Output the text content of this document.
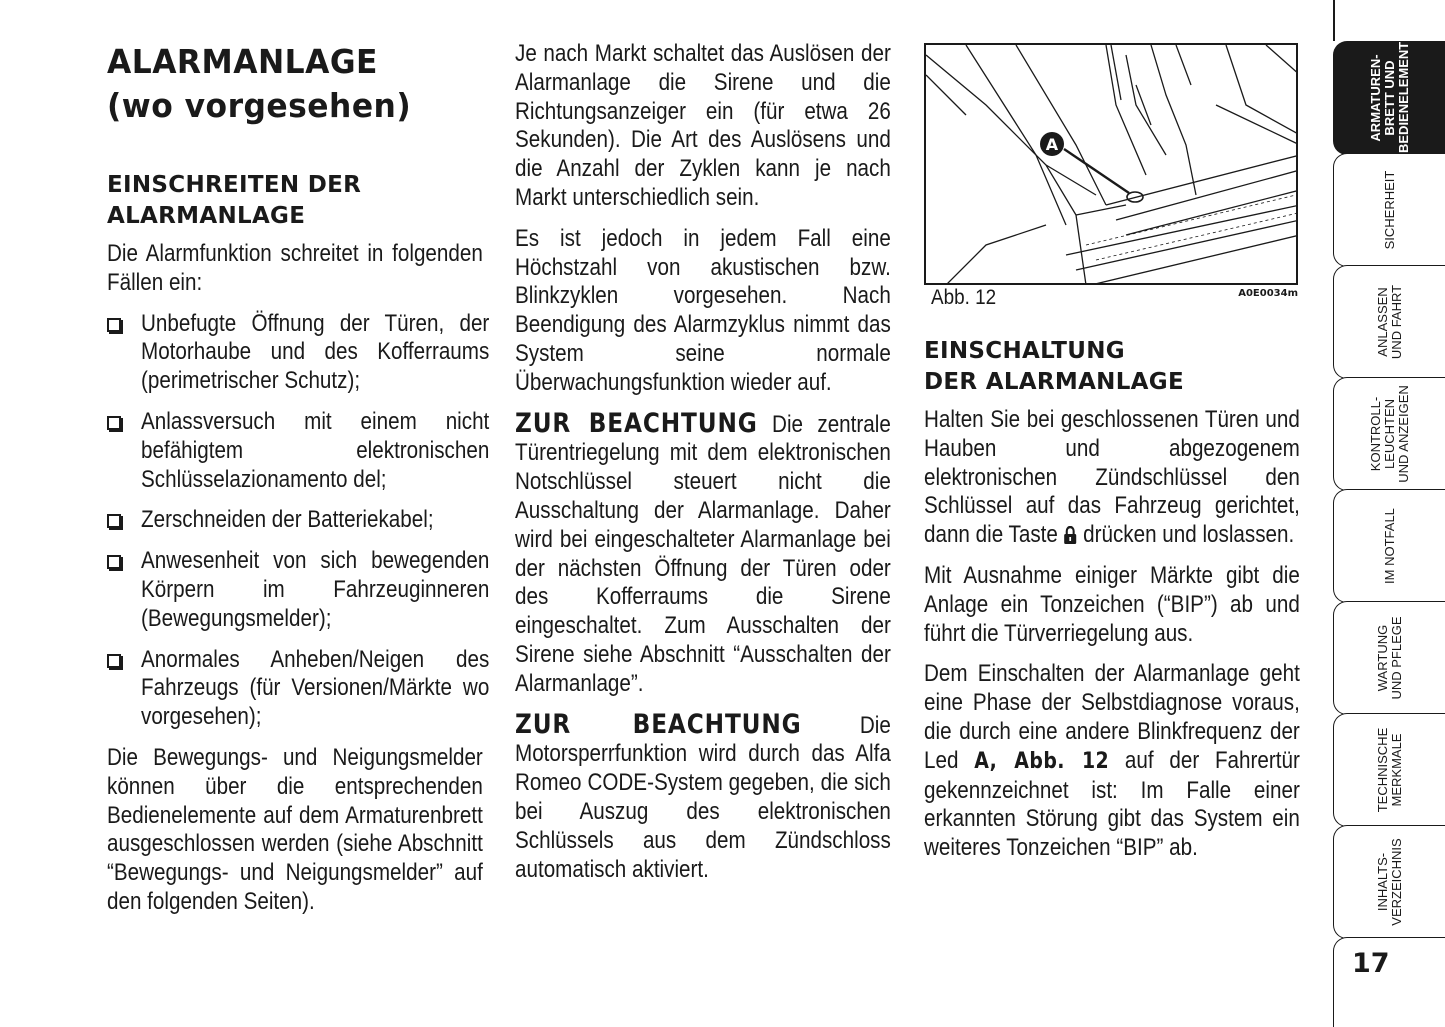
ALARMANLAGE
(wo vorgesehen)
EINSCHREITEN DER
ALARMANLAGE

Die Alarmfunktion schreitet in folgenden Fällen ein:

Unbefugte Öffnung der Türen, der Motorhaube und des Kofferraums (perimetrischer Schutz);

Anlassversuch mit einem nicht befähigtem elektronischen Schlüsselazionamento del;

Zerschneiden der Batteriekabel;

Anwesenheit von sich bewegenden Körpern im Fahrzeuginneren (Bewegungsmelder);

Anormales Anheben/Neigen des Fahrzeugs (für Versionen/Märkte wo vorgesehen);

Die Bewegungs- und Neigungsmelder können über die entsprechenden Bedienelemente auf dem Armaturenbrett ausgeschlossen werden (siehe Abschnitt “Bewegungs- und Neigungsmelder” auf den folgenden Seiten).

Je nach Markt schaltet das Auslösen der Alarmanlage die Sirene und die Richtungsanzeiger ein (für etwa 26 Sekunden). Die Art des Auslösens und die Anzahl der Zyklen kann je nach Markt unterschiedlich sein.

Es ist jedoch in jedem Fall eine Höchstzahl von akustischen bzw. Blinkzyklen vorgesehen. Nach Beendigung des Alarmzyklus nimmt das System seine normale Überwachungsfunktion wieder auf.

ZUR BEACHTUNG Die zentrale Türentriegelung mit dem elektronischen Notschlüssel steuert nicht die Ausschaltung der Alarmanlage. Daher wird bei eingeschalteter Alarmanlage bei der nächsten Öffnung der Türen oder des Kofferraums die Sirene eingeschaltet. Zum Ausschalten der Sirene siehe Abschnitt “Ausschalten der Alarmanlage”.

ZUR BEACHTUNG Die Motorsperrfunktion wird durch das Alfa Romeo CODE-System gegeben, die sich bei Auszug des elektronischen Schlüssels aus dem Zündschloss automatisch aktiviert.

A
Abb. 12	A0E0034m
EINSCHALTUNG
DER ALARMANLAGE

Halten Sie bei geschlossenen Türen und Hauben und abgezogenem elektronischen Zündschlüssel den Schlüssel auf das Fahrzeug gerichtet, dann die Taste  drücken und loslassen.

Mit Ausnahme einiger Märkte gibt die Anlage ein Tonzeichen (“BIP”) ab und führt die Türverriegelung aus.

Dem Einschalten der Alarmanlage geht eine Phase der Selbstdiagnose voraus, die durch eine andere Blinkfrequenz der Led A, Abb. 12 auf der Fahrertür gekennzeichnet ist: Im Falle einer erkannten Störung gibt das System ein weiteres Tonzeichen “BIP” ab.

ARMATUREN-
BRETT UND
BEDIENELEMENTE
SICHERHEIT
ANLASSEN
UND FAHRT
KONTROLL-
LEUCHTEN
UND ANZEIGEN
IM NOTFALL
WARTUNG
UND PFLEGE
TECHNISCHE
MERKMALE
INHALTS-
VERZEICHNIS
17
